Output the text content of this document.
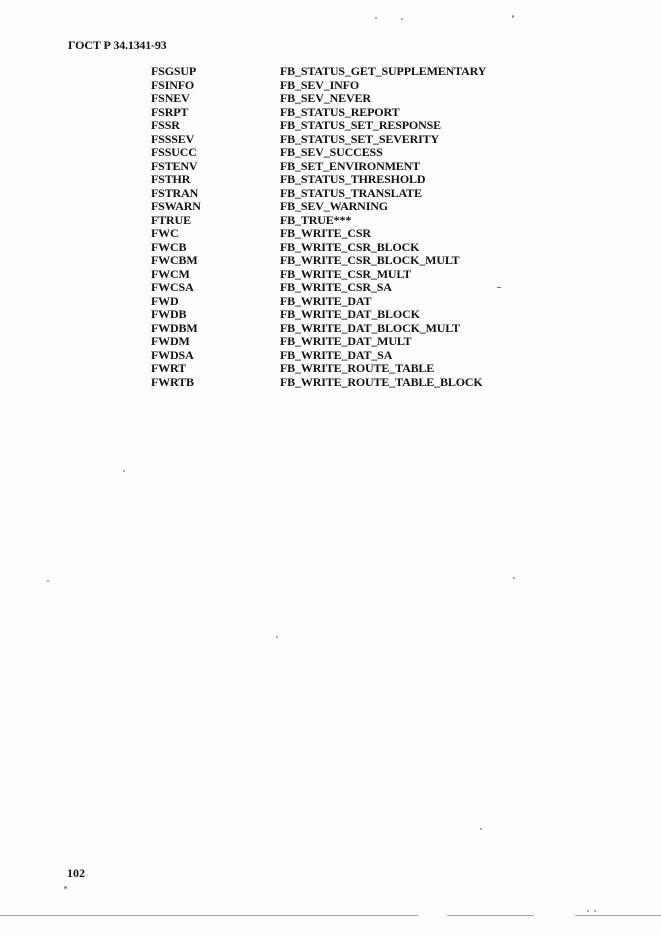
ГОСТ Р 34.1341-93
FSGSUP	FB_STATUS_GET_SUPPLEMENTARY
FSINFO	FB_SEV_INFO
FSNEV	FB_SEV_NEVER
FSRPT	FB_STATUS_REPORT
FSSR	FB_STATUS_SET_RESPONSE
FSSSEV	FB_STATUS_SET_SEVERITY
FSSUCC	FB_SEV_SUCCESS
FSTENV	FB_SET_ENVIRONMENT
FSTHR	FB_STATUS_THRESHOLD
FSTRAN	FB_STATUS_TRANSLATE
FSWARN	FB_SEV_WARNING
FTRUE	FB_TRUE***
FWC	FB_WRITE_CSR
FWCB	FB_WRITE_CSR_BLOCK
FWCBM	FB_WRITE_CSR_BLOCK_MULT
FWCM	FB_WRITE_CSR_MULT
FWCSA	FB_WRITE_CSR_SA
FWD	FB_WRITE_DAT
FWDB	FB_WRITE_DAT_BLOCK
FWDBM	FB_WRITE_DAT_BLOCK_MULT
FWDM	FB_WRITE_DAT_MULT
FWDSA	FB_WRITE_DAT_SA
FWRT	FB_WRITE_ROUTE_TABLE
FWRTB	FB_WRITE_ROUTE_TABLE_BLOCK
102
